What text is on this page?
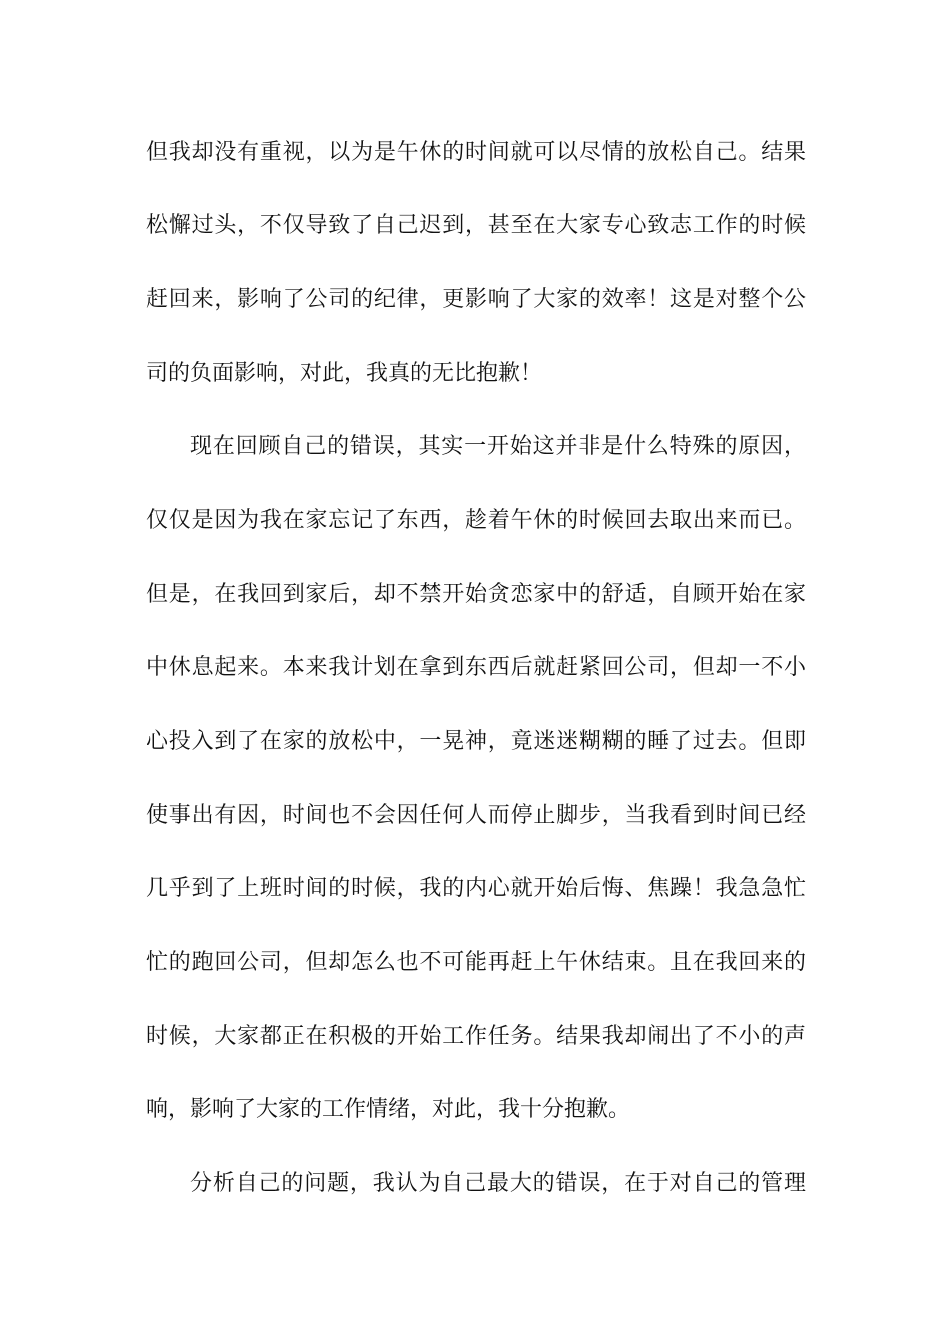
但我却没有重视，以为是午休的时间就可以尽情的放松自己。结果
松懈过头，不仅导致了自己迟到，甚至在大家专心致志工作的时候
赶回来，影响了公司的纪律，更影响了大家的效率！这是对整个公
司的负面影响，对此，我真的无比抱歉！
现在回顾自己的错误，其实一开始这并非是什么特殊的原因，
仅仅是因为我在家忘记了东西，趁着午休的时候回去取出来而已。
但是，在我回到家后，却不禁开始贪恋家中的舒适，自顾开始在家
中休息起来。本来我计划在拿到东西后就赶紧回公司，但却一不小
心投入到了在家的放松中，一晃神，竟迷迷糊糊的睡了过去。但即
使事出有因，时间也不会因任何人而停止脚步，当我看到时间已经
几乎到了上班时间的时候，我的内心就开始后悔、焦躁！我急急忙
忙的跑回公司，但却怎么也不可能再赶上午休结束。且在我回来的
时候，大家都正在积极的开始工作任务。结果我却闹出了不小的声
响，影响了大家的工作情绪，对此，我十分抱歉。
分析自己的问题，我认为自己最大的错误，在于对自己的管理
